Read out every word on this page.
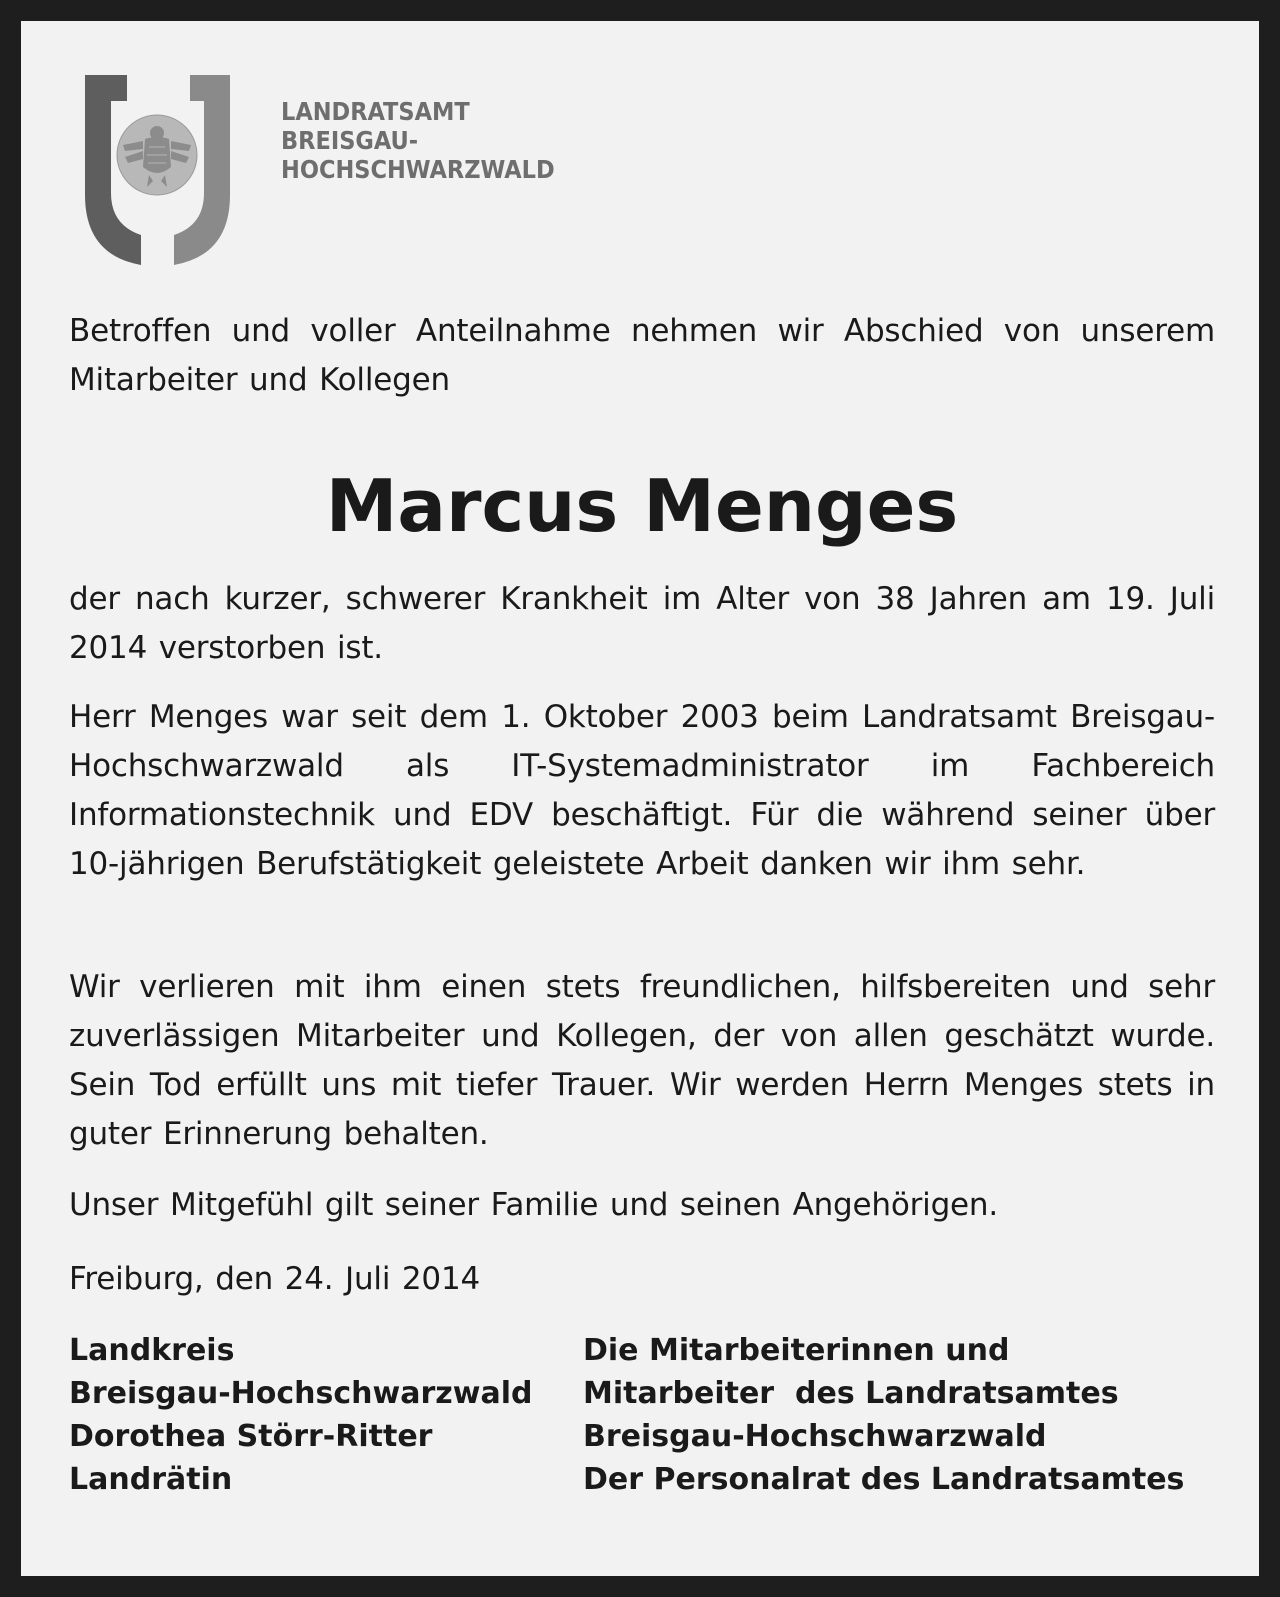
LANDRATSAMT
BREISGAU-
HOCHSCHWARZWALD
Betroffen und voller Anteilnahme nehmen wir Abschied von unserem Mitarbeiter und Kollegen
Marcus Menges
der nach kurzer, schwerer Krankheit im Alter von 38 Jahren am 19. Juli 2014 verstorben ist.
Herr Menges war seit dem 1. Oktober 2003 beim Landratsamt Breisgau-Hochschwarzwald als IT-Systemadministrator im Fachbereich Informationstechnik und EDV beschäftigt. Für die während seiner über 10-jährigen Berufstätigkeit geleistete Arbeit danken wir ihm sehr.
Wir verlieren mit ihm einen stets freundlichen, hilfsbereiten und sehr zuverlässigen Mitarbeiter und Kollegen, der von allen geschätzt wurde. Sein Tod erfüllt uns mit tiefer Trauer. Wir werden Herrn Menges stets in guter Erinnerung behalten.
Unser Mitgefühl gilt seiner Familie und seinen Angehörigen.
Freiburg, den 24. Juli 2014
Landkreis
Breisgau-Hochschwarzwald
Dorothea Störr-Ritter
Landrätin
Die Mitarbeiterinnen und
Mitarbeiter  des Landratsamtes
Breisgau-Hochschwarzwald
Der Personalrat des Landratsamtes
